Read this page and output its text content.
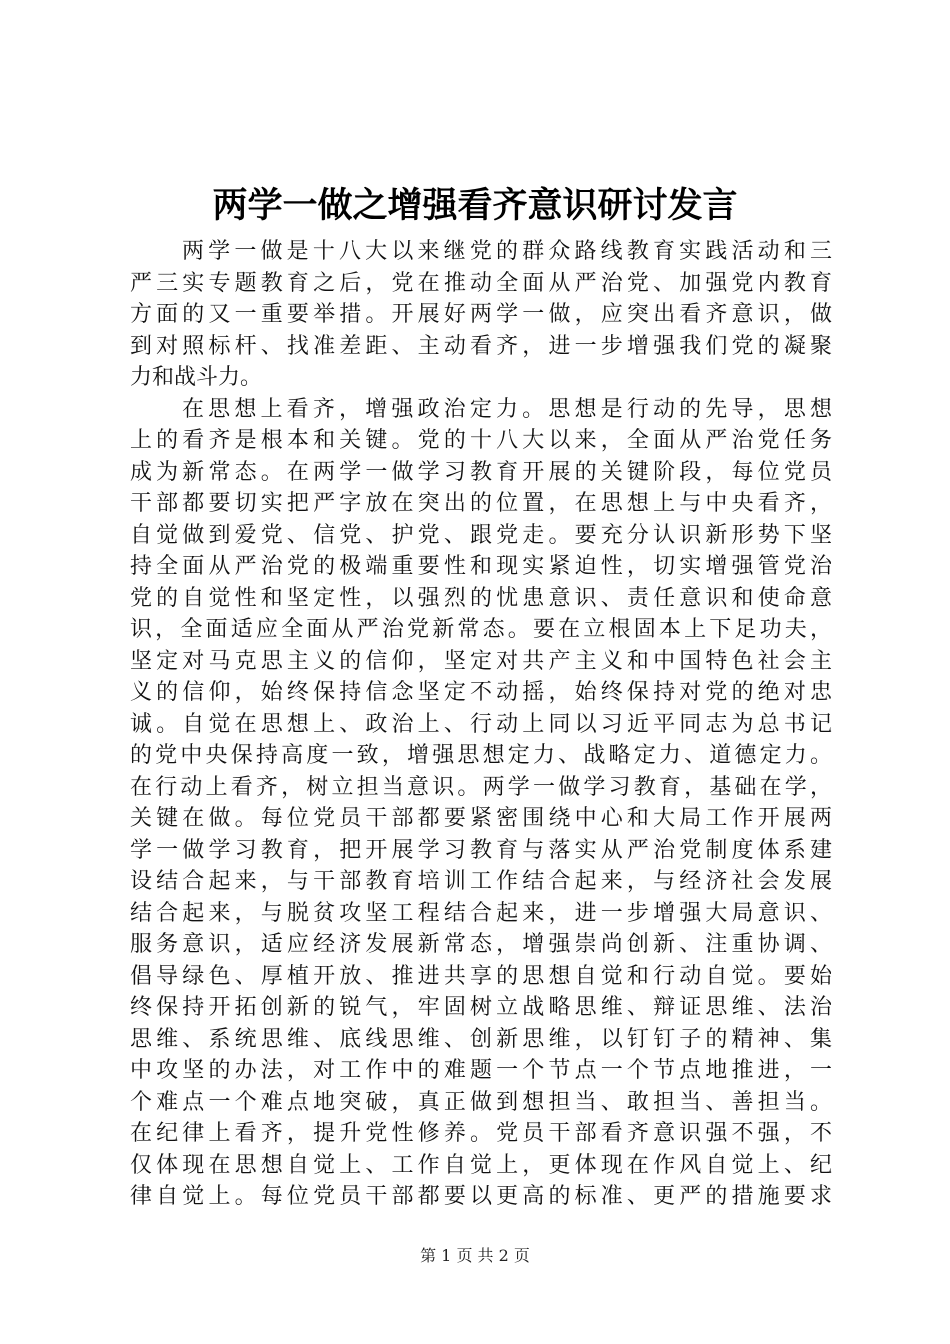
两学一做之增强看齐意识研讨发言
两学一做是十八大以来继党的群众路线教育实践活动和三
严三实专题教育之后，党在推动全面从严治党、加强党内教育
方面的又一重要举措。开展好两学一做，应突出看齐意识，做
到对照标杆、找准差距、主动看齐，进一步增强我们党的凝聚
力和战斗力。
在思想上看齐，增强政治定力。思想是行动的先导，思想
上的看齐是根本和关键。党的十八大以来，全面从严治党任务
成为新常态。在两学一做学习教育开展的关键阶段，每位党员
干部都要切实把严字放在突出的位置，在思想上与中央看齐，
自觉做到爱党、信党、护党、跟党走。要充分认识新形势下坚
持全面从严治党的极端重要性和现实紧迫性，切实增强管党治
党的自觉性和坚定性，以强烈的忧患意识、责任意识和使命意
识，全面适应全面从严治党新常态。要在立根固本上下足功夫，
坚定对马克思主义的信仰，坚定对共产主义和中国特色社会主
义的信仰，始终保持信念坚定不动摇，始终保持对党的绝对忠
诚。自觉在思想上、政治上、行动上同以习近平同志为总书记
的党中央保持高度一致，增强思想定力、战略定力、道德定力。
在行动上看齐，树立担当意识。两学一做学习教育，基础在学，
关键在做。每位党员干部都要紧密围绕中心和大局工作开展两
学一做学习教育，把开展学习教育与落实从严治党制度体系建
设结合起来，与干部教育培训工作结合起来，与经济社会发展
结合起来，与脱贫攻坚工程结合起来，进一步增强大局意识、
服务意识，适应经济发展新常态，增强崇尚创新、注重协调、
倡导绿色、厚植开放、推进共享的思想自觉和行动自觉。要始
终保持开拓创新的锐气，牢固树立战略思维、辩证思维、法治
思维、系统思维、底线思维、创新思维，以钉钉子的精神、集
中攻坚的办法，对工作中的难题一个节点一个节点地推进，一
个难点一个难点地突破，真正做到想担当、敢担当、善担当。
在纪律上看齐，提升党性修养。党员干部看齐意识强不强，不
仅体现在思想自觉上、工作自觉上，更体现在作风自觉上、纪
律自觉上。每位党员干部都要以更高的标准、更严的措施要求
第 1 页 共 2 页
